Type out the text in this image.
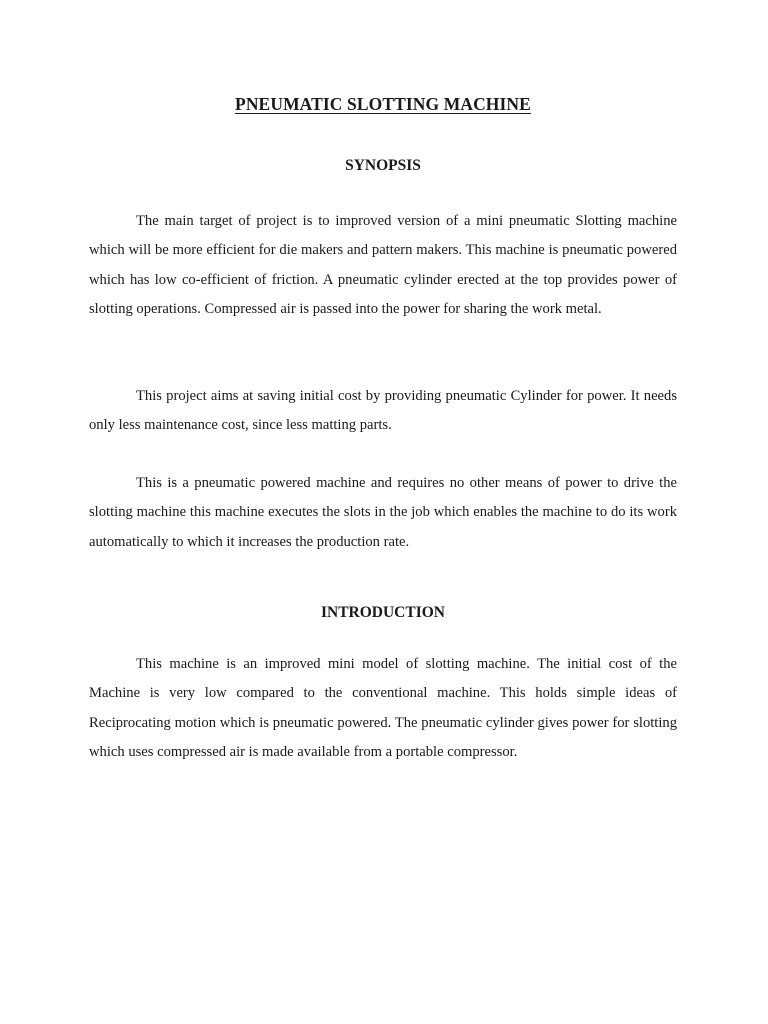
PNEUMATIC SLOTTING MACHINE
SYNOPSIS

The main target of project is to improved version of a mini pneumatic Slotting machine which will be more efficient for die makers and pattern makers. This machine is pneumatic powered which has low co-efficient of friction. A pneumatic cylinder erected at the top provides power of slotting operations. Compressed air is passed into the power for sharing the work metal.

This project aims at saving initial cost by providing pneumatic Cylinder for power. It needs only less maintenance cost, since less matting parts.

This is a pneumatic powered machine and requires no other means of power to drive the slotting machine this machine executes the slots in the job which enables the machine to do its work automatically to which it increases the production rate.

INTRODUCTION

This machine is an improved mini model of slotting machine. The initial cost of the Machine is very low compared to the conventional machine. This holds simple ideas of Reciprocating motion which is pneumatic powered. The pneumatic cylinder gives power for slotting which uses compressed air is made available from a portable compressor.
